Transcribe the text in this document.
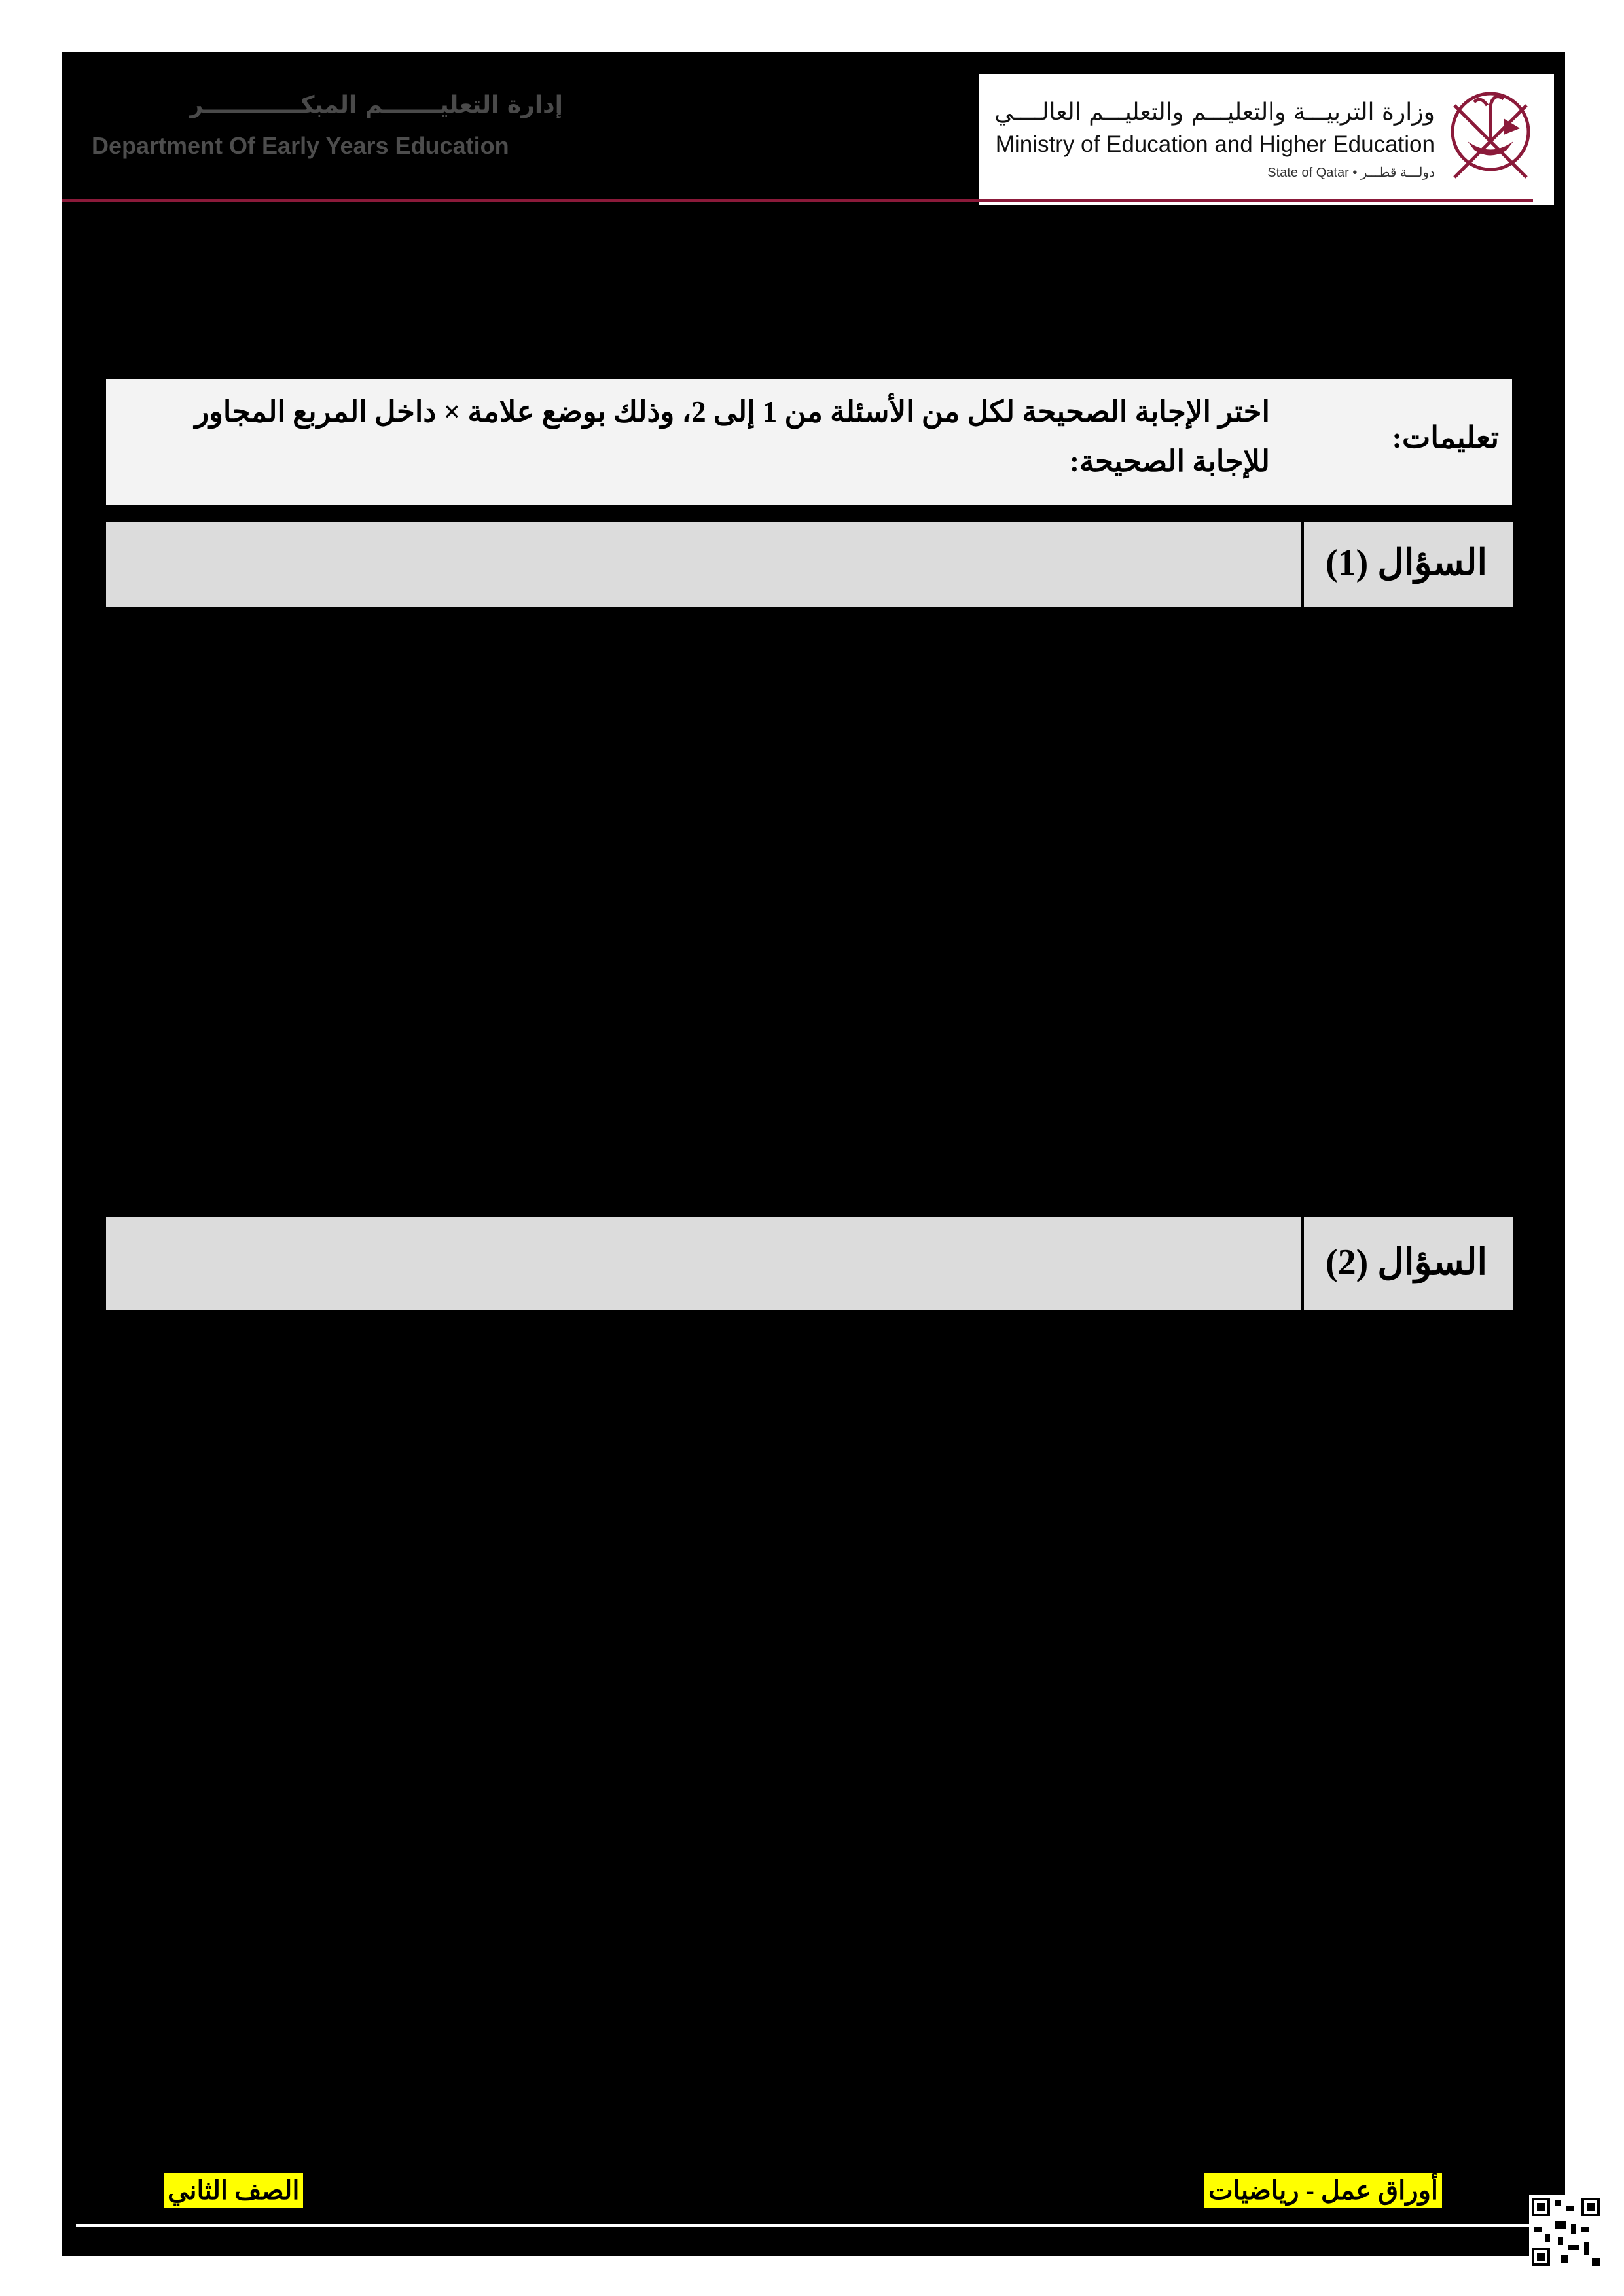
إدارة التعليـــــــم المبكــــــــــــر
Department Of Early Years Education
وزارة التربيـــة والتعليـــم والتعليـــم العالــــي
Ministry of Education and Higher Education
State of Qatar • دولـــة قطـــر
تعليمات:
اختر الإجابة الصحيحة لكل من الأسئلة من 1 إلى 2، وذلك بوضع علامة × داخل المربع المجاور للإجابة الصحيحة:
السؤال (1)
السؤال (2)
الصف الثاني	أوراق عمل - رياضيات
